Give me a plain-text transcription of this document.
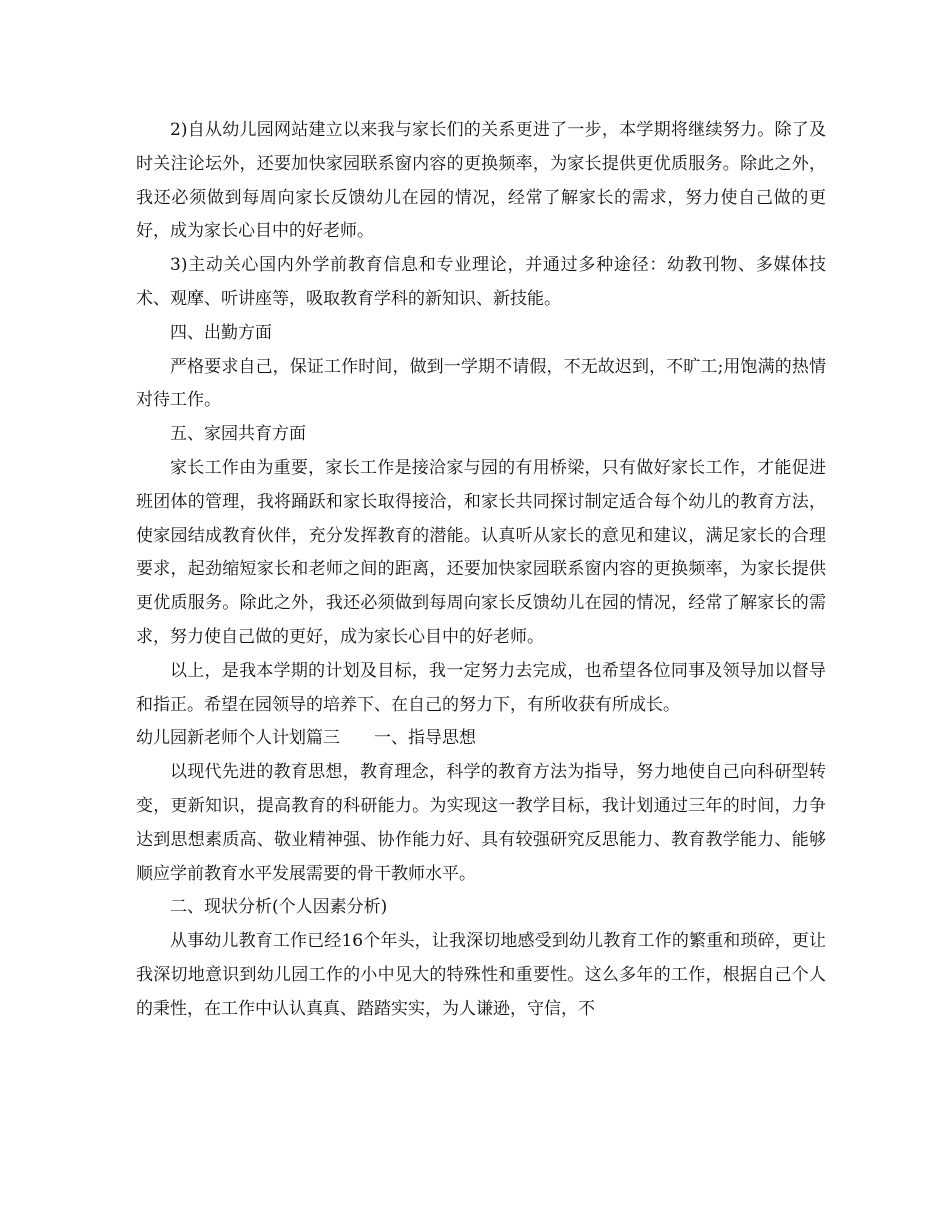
2)自从幼儿园网站建立以来我与家长们的关系更进了一步，本学期将继续努力。除了及时关注论坛外，还要加快家园联系窗内容的更换频率，为家长提供更优质服务。除此之外，我还必须做到每周向家长反馈幼儿在园的情况，经常了解家长的需求，努力使自己做的更好，成为家长心目中的好老师。

3)主动关心国内外学前教育信息和专业理论，并通过多种途径：幼教刊物、多媒体技术、观摩、听讲座等，吸取教育学科的新知识、新技能。

四、出勤方面

严格要求自己，保证工作时间，做到一学期不请假，不无故迟到，不旷工;用饱满的热情对待工作。

五、家园共育方面

家长工作由为重要，家长工作是接洽家与园的有用桥梁，只有做好家长工作，才能促进班团体的管理，我将踊跃和家长取得接洽，和家长共同探讨制定适合每个幼儿的教育方法，使家园结成教育伙伴，充分发挥教育的潜能。认真听从家长的意见和建议，满足家长的合理要求，起劲缩短家长和老师之间的距离，还要加快家园联系窗内容的更换频率，为家长提供更优质服务。除此之外，我还必须做到每周向家长反馈幼儿在园的情况，经常了解家长的需求，努力使自己做的更好，成为家长心目中的好老师。

以上，是我本学期的计划及目标，我一定努力去完成，也希望各位同事及领导加以督导和指正。希望在园领导的培养下、在自己的努力下，有所收获有所成长。

幼儿园新老师个人计划篇三　　一、指导思想

以现代先进的教育思想，教育理念，科学的教育方法为指导，努力地使自己向科研型转变，更新知识，提高教育的科研能力。为实现这一教学目标，我计划通过三年的时间，力争达到思想素质高、敬业精神强、协作能力好、具有较强研究反思能力、教育教学能力、能够顺应学前教育水平发展需要的骨干教师水平。

二、现状分析(个人因素分析)

从事幼儿教育工作已经16个年头，让我深切地感受到幼儿教育工作的繁重和琐碎，更让我深切地意识到幼儿园工作的小中见大的特殊性和重要性。这么多年的工作，根据自己个人的秉性，在工作中认认真真、踏踏实实，为人谦逊，守信，不
